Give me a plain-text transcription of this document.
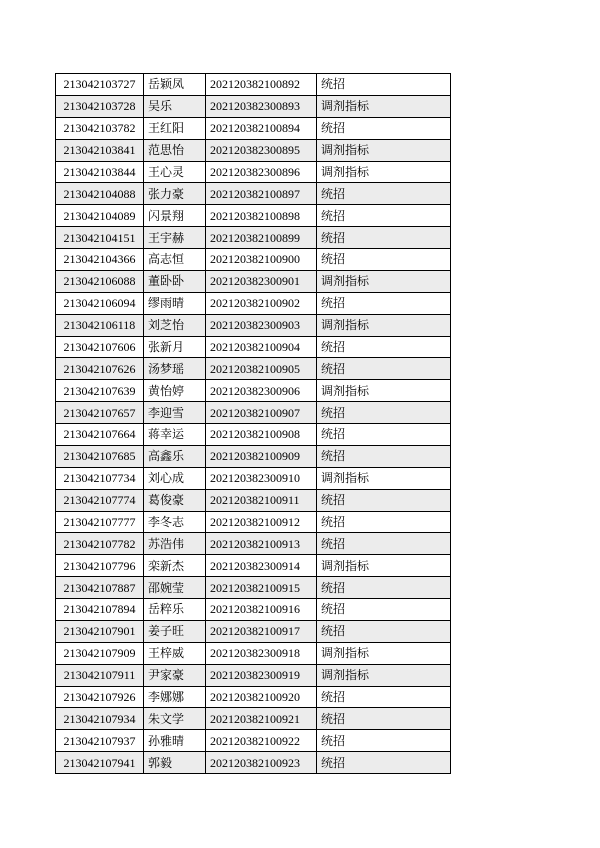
213042103727	岳颖凤	202120382100892	统招
213042103728	吴乐	202120382300893	调剂指标
213042103782	王红阳	202120382100894	统招
213042103841	范思怡	202120382300895	调剂指标
213042103844	王心灵	202120382300896	调剂指标
213042104088	张力豪	202120382100897	统招
213042104089	闪景翔	202120382100898	统招
213042104151	王宇赫	202120382100899	统招
213042104366	高志恒	202120382100900	统招
213042106088	董卧卧	202120382300901	调剂指标
213042106094	缪雨晴	202120382100902	统招
213042106118	刘芝怡	202120382300903	调剂指标
213042107606	张新月	202120382100904	统招
213042107626	汤梦瑶	202120382100905	统招
213042107639	黄怡婷	202120382300906	调剂指标
213042107657	李迎雪	202120382100907	统招
213042107664	蒋幸运	202120382100908	统招
213042107685	高鑫乐	202120382100909	统招
213042107734	刘心成	202120382300910	调剂指标
213042107774	葛俊豪	202120382100911	统招
213042107777	李冬志	202120382100912	统招
213042107782	苏浩伟	202120382100913	统招
213042107796	栾新杰	202120382300914	调剂指标
213042107887	邵婉莹	202120382100915	统招
213042107894	岳粹乐	202120382100916	统招
213042107901	姜子旺	202120382100917	统招
213042107909	王梓威	202120382300918	调剂指标
213042107911	尹家豪	202120382300919	调剂指标
213042107926	李娜娜	202120382100920	统招
213042107934	朱文学	202120382100921	统招
213042107937	孙雅晴	202120382100922	统招
213042107941	郭毅	202120382100923	统招
